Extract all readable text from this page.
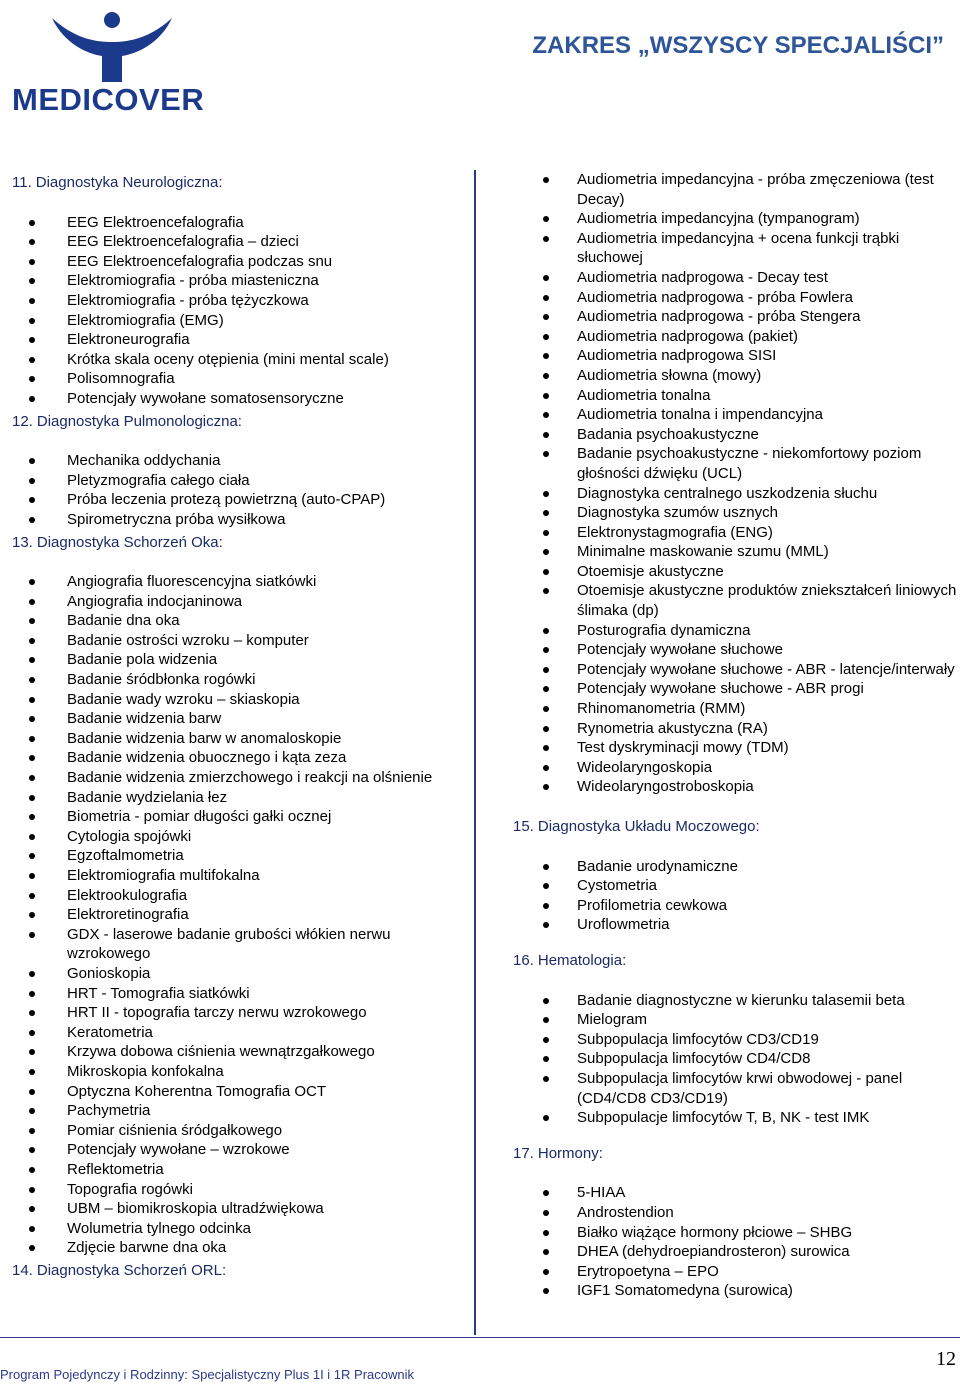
MEDICOVER
ZAKRES „WSZYSCY SPECJALIŚCI”
11. Diagnostyka Neurologiczna:
EEG Elektroencefalografia
EEG Elektroencefalografia – dzieci
EEG Elektroencefalografia podczas snu
Elektromiografia - próba miasteniczna
Elektromiografia - próba tężyczkowa
Elektromiografia (EMG)
Elektroneurografia
Krótka skala oceny otępienia (mini mental scale)
Polisomnografia
Potencjały wywołane somatosensoryczne
12. Diagnostyka Pulmonologiczna:
Mechanika oddychania
Pletyzmografia całego ciała
Próba leczenia protezą powietrzną (auto-CPAP)
Spirometryczna próba wysiłkowa
13. Diagnostyka Schorzeń Oka:
Angiografia fluorescencyjna siatkówki
Angiografia indocjaninowa
Badanie dna oka
Badanie ostrości wzroku – komputer
Badanie pola widzenia
Badanie śródbłonka rogówki
Badanie wady wzroku – skiaskopia
Badanie widzenia barw
Badanie widzenia barw w anomaloskopie
Badanie widzenia obuocznego i kąta zeza
Badanie widzenia zmierzchowego i reakcji na olśnienie
Badanie wydzielania łez
Biometria - pomiar długości gałki ocznej
Cytologia spojówki
Egzoftalmometria
Elektromiografia multifokalna
Elektrookulografia
Elektroretinografia
GDX - laserowe badanie grubości włókien nerwu wzrokowego
Gonioskopia
HRT - Tomografia siatkówki
HRT II - topografia tarczy nerwu wzrokowego
Keratometria
Krzywa dobowa ciśnienia wewnątrzgałkowego
Mikroskopia konfokalna
Optyczna Koherentna Tomografia OCT
Pachymetria
Pomiar ciśnienia śródgałkowego
Potencjały wywołane – wzrokowe
Reflektometria
Topografia rogówki
UBM – biomikroskopia ultradźwiękowa
Wolumetria tylnego odcinka
Zdjęcie barwne dna oka
14. Diagnostyka Schorzeń ORL:
Audiometria impedancyjna - próba zmęczeniowa (test Decay)
Audiometria impedancyjna (tympanogram)
Audiometria impedancyjna + ocena funkcji trąbki słuchowej
Audiometria nadprogowa - Decay test
Audiometria nadprogowa - próba Fowlera
Audiometria nadprogowa - próba Stengera
Audiometria nadprogowa (pakiet)
Audiometria nadprogowa SISI
Audiometria słowna (mowy)
Audiometria tonalna
Audiometria tonalna i impendancyjna
Badania psychoakustyczne
Badanie psychoakustyczne - niekomfortowy poziom głośności dźwięku (UCL)
Diagnostyka centralnego uszkodzenia słuchu
Diagnostyka szumów usznych
Elektronystagmografia (ENG)
Minimalne maskowanie szumu (MML)
Otoemisje akustyczne
Otoemisje akustyczne produktów zniekształceń liniowych ślimaka (dp)
Posturografia dynamiczna
Potencjały wywołane słuchowe
Potencjały wywołane słuchowe - ABR - latencje/interwały
Potencjały wywołane słuchowe - ABR progi
Rhinomanometria (RMM)
Rynometria akustyczna (RA)
Test dyskryminacji mowy (TDM)
Wideolaryngoskopia
Wideolaryngostroboskopia
15. Diagnostyka Układu Moczowego:
Badanie urodynamiczne
Cystometria
Profilometria cewkowa
Uroflowmetria
16. Hematologia:
Badanie diagnostyczne w kierunku talasemii beta
Mielogram
Subpopulacja limfocytów CD3/CD19
Subpopulacja limfocytów CD4/CD8
Subpopulacja limfocytów krwi obwodowej - panel (CD4/CD8 CD3/CD19)
Subpopulacje limfocytów T, B, NK - test IMK
17. Hormony:
5-HIAA
Androstendion
Białko wiążące hormony płciowe – SHBG
DHEA (dehydroepiandrosteron) surowica
Erytropoetyna – EPO
IGF1 Somatomedyna (surowica)
Program Pojedynczy i Rodzinny: Specjalistyczny Plus 1I i 1R Pracownik
12
